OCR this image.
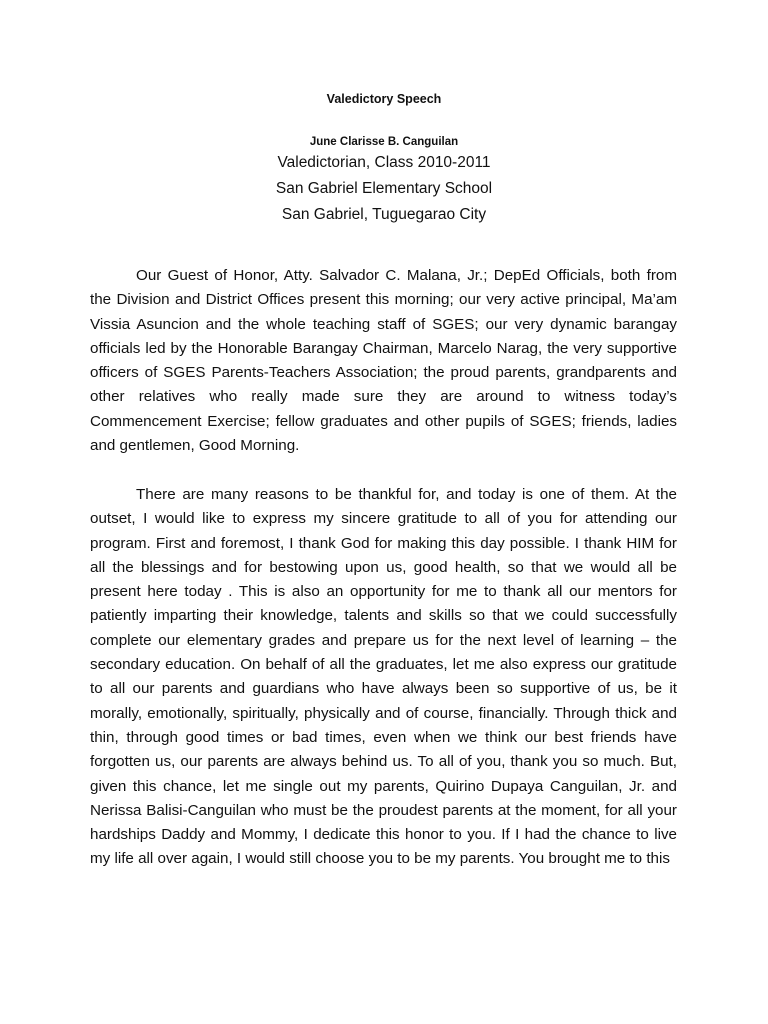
Valedictory Speech
June Clarisse B. Canguilan
Valedictorian, Class 2010-2011
San Gabriel Elementary School
San Gabriel, Tuguegarao City

Our Guest of Honor, Atty. Salvador C. Malana, Jr.; DepEd Officials, both from the Division and District Offices present this morning; our very active principal, Ma’am Vissia Asuncion and the whole teaching staff of SGES; our very dynamic barangay officials led by the Honorable Barangay Chairman, Marcelo Narag, the very supportive officers of SGES Parents-Teachers Association; the proud parents, grandparents and other relatives who really made sure they are around to witness today’s Commencement Exercise; fellow graduates and other pupils of SGES; friends, ladies and gentlemen, Good Morning.

There are many reasons to be thankful for, and today is one of them. At the outset, I would like to express my sincere gratitude to all of you for attending our program. First and foremost, I thank God for making this day possible. I thank HIM for all the blessings and for bestowing upon us, good health, so that we would all be present here today . This is also an opportunity for me to thank all our mentors for patiently imparting their knowledge, talents and skills so that we could successfully complete our elementary grades and prepare us for the next level of learning – the secondary education. On behalf of all the graduates, let me also express our gratitude to all our parents and guardians who have always been so supportive of us, be it morally, emotionally, spiritually, physically and of course, financially. Through thick and thin, through good times or bad times, even when we think our best friends have forgotten us, our parents are always behind us. To all of you, thank you so much. But, given this chance, let me single out my parents, Quirino Dupaya Canguilan, Jr. and Nerissa Balisi-Canguilan who must be the proudest parents at the moment, for all your hardships Daddy and Mommy, I dedicate this honor to you. If I had the chance to live my life all over again, I would still choose you to be my parents. You brought me to this
